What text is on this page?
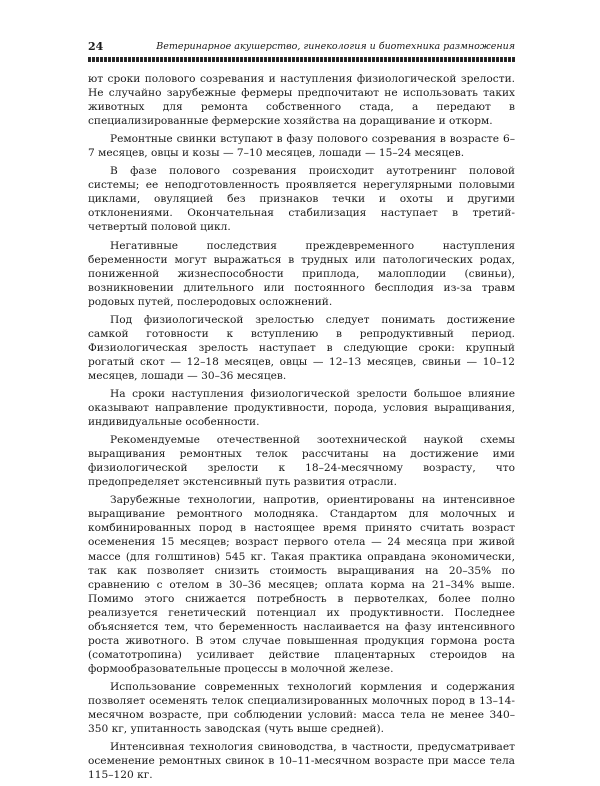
24	Ветеринарное акушерство, гинекология и биотехника размножения

ют сроки полового созревания и наступления физиологической зрелости. Не случайно зарубежные фермеры предпочитают не использовать таких животных для ремонта собственного стада, а передают в специализированные фермерские хозяйства на доращивание и откорм.

Ремонтные свинки вступают в фазу полового созревания в возрасте 6–7 месяцев, овцы и козы — 7–10 месяцев, лошади — 15–24 месяцев.

В фазе полового созревания происходит аутотренинг половой системы; ее неподготовленность проявляется нерегулярными половыми циклами, овуляцией без признаков течки и охоты и другими отклонениями. Окончательная стабилизация наступает в третий-четвертый половой цикл.

Негативные последствия преждевременного наступления беременности могут выражаться в трудных или патологических родах, пониженной жизнеспособности приплода, малоплодии (свиньи), возникновении длительного или постоянного бесплодия из-за травм родовых путей, послеродовых осложнений.

Под физиологической зрелостью следует понимать достижение самкой готовности к вступлению в репродуктивный период. Физиологическая зрелость наступает в следующие сроки: крупный рогатый скот — 12–18 месяцев, овцы — 12–13 месяцев, свиньи — 10–12 месяцев, лошади — 30–36 месяцев.

На сроки наступления физиологической зрелости большое влияние оказывают направление продуктивности, порода, условия выращивания, индивидуальные особенности.

Рекомендуемые отечественной зоотехнической наукой схемы выращивания ремонтных телок рассчитаны на достижение ими физиологической зрелости к 18–24-месячному возрасту, что предопределяет экстенсивный путь развития отрасли.

Зарубежные технологии, напротив, ориентированы на интенсивное выращивание ремонтного молодняка. Стандартом для молочных и комбинированных пород в настоящее время принято считать возраст осеменения 15 месяцев; возраст первого отела — 24 месяца при живой массе (для голштинов) 545 кг. Такая практика оправдана экономически, так как позволяет снизить стоимость выращивания на 20–35% по сравнению с отелом в 30–36 месяцев; оплата корма на 21–34% выше. Помимо этого снижается потребность в первотелках, более полно реализуется генетический потенциал их продуктивности. Последнее объясняется тем, что беременность наслаивается на фазу интенсивного роста животного. В этом случае повышенная продукция гормона роста (соматотропина) усиливает действие плацентарных стероидов на формообразовательные процессы в молочной железе.

Использование современных технологий кормления и содержания позволяет осеменять телок специализированных молочных пород в 13–14-месячном возрасте, при соблюдении условий: масса тела не менее 340–350 кг, упитанность заводская (чуть выше средней).

Интенсивная технология свиноводства, в частности, предусматривает осеменение ремонтных свинок в 10–11-месячном возрасте при массе тела 115–120 кг.
